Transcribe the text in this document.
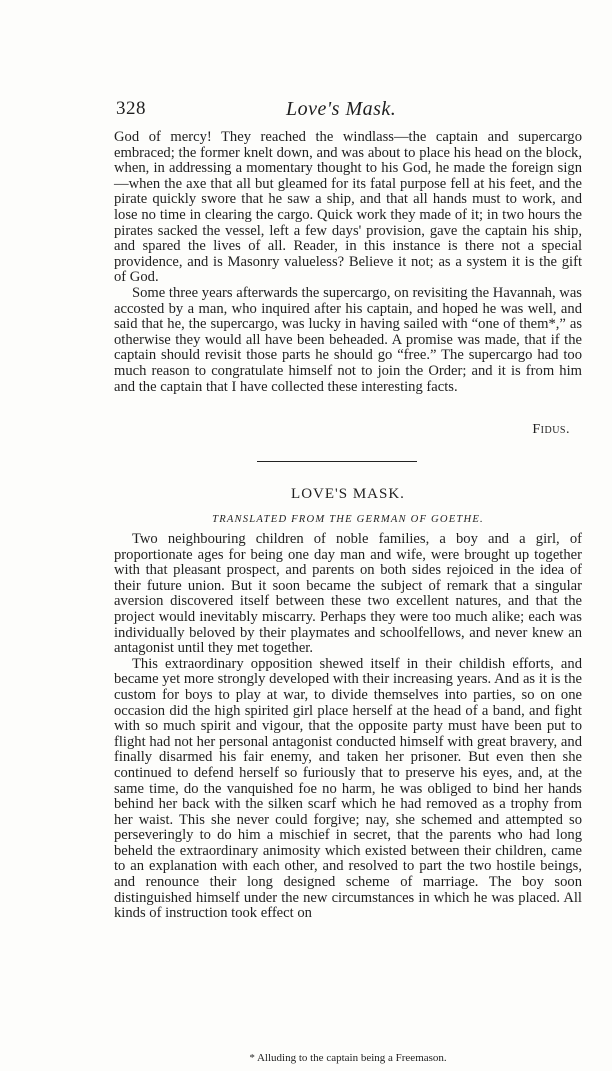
328	Love's Mask.

God of mercy! They reached the windlass—the captain and supercargo embraced; the former knelt down, and was about to place his head on the block, when, in addressing a momentary thought to his God, he made the foreign sign—when the axe that all but gleamed for its fatal purpose fell at his feet, and the pirate quickly swore that he saw a ship, and that all hands must to work, and lose no time in clearing the cargo. Quick work they made of it; in two hours the pirates sacked the vessel, left a few days' provision, gave the captain his ship, and spared the lives of all. Reader, in this instance is there not a special providence, and is Masonry valueless? Believe it not; as a system it is the gift of God.

Some three years afterwards the supercargo, on revisiting the Havannah, was accosted by a man, who inquired after his captain, and hoped he was well, and said that he, the supercargo, was lucky in having sailed with “one of them*,” as otherwise they would all have been beheaded. A promise was made, that if the captain should revisit those parts he should go “free.” The supercargo had too much reason to congratulate himself not to join the Order; and it is from him and the captain that I have collected these interesting facts.

Fidus.
LOVE'S MASK.
TRANSLATED FROM THE GERMAN OF GOETHE.

Two neighbouring children of noble families, a boy and a girl, of proportionate ages for being one day man and wife, were brought up together with that pleasant prospect, and parents on both sides rejoiced in the idea of their future union. But it soon became the subject of remark that a singular aversion discovered itself between these two excellent natures, and that the project would inevitably miscarry. Perhaps they were too much alike; each was individually beloved by their playmates and schoolfellows, and never knew an antagonist until they met together.

This extraordinary opposition shewed itself in their childish efforts, and became yet more strongly developed with their increasing years. And as it is the custom for boys to play at war, to divide themselves into parties, so on one occasion did the high spirited girl place herself at the head of a band, and fight with so much spirit and vigour, that the opposite party must have been put to flight had not her personal antagonist conducted himself with great bravery, and finally disarmed his fair enemy, and taken her prisoner. But even then she continued to defend herself so furiously that to preserve his eyes, and, at the same time, do the vanquished foe no harm, he was obliged to bind her hands behind her back with the silken scarf which he had removed as a trophy from her waist. This she never could forgive; nay, she schemed and attempted so perseveringly to do him a mischief in secret, that the parents who had long beheld the extraordinary animosity which existed between their children, came to an explanation with each other, and resolved to part the two hostile beings, and renounce their long designed scheme of marriage. The boy soon distinguished himself under the new circumstances in which he was placed. All kinds of instruction took effect on

* Alluding to the captain being a Freemason.
